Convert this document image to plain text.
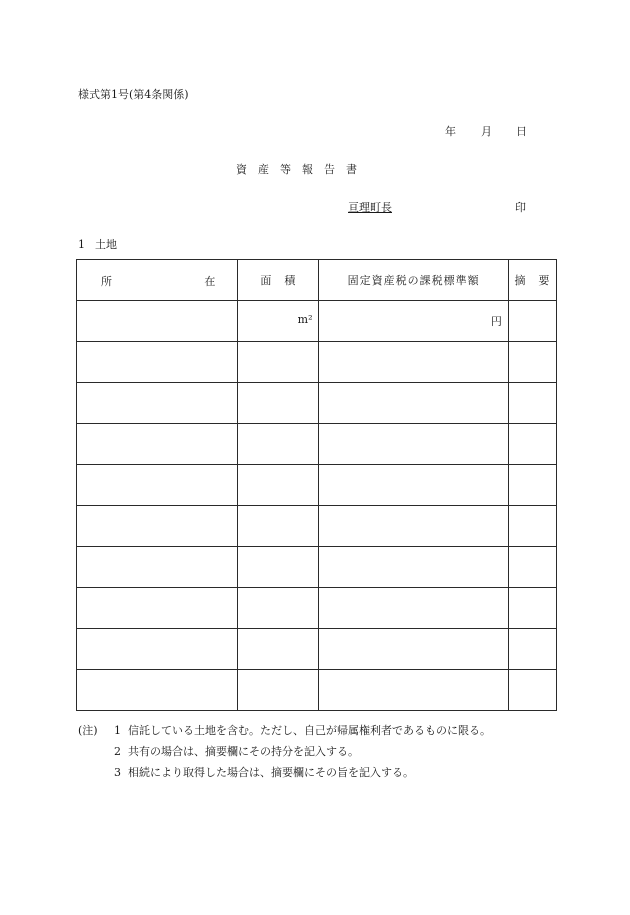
様式第1号(第4条関係)
年 月 日
資 産 等 報 告 書
亘理町長	印
1 土地
所 在	面　積	固定資産税の課税標準額	摘　要
	m²	円	

(注) 1 信託している土地を含む。ただし、自己が帰属権利者であるものに限る。
2 共有の場合は、摘要欄にその持分を記入する。
3 相続により取得した場合は、摘要欄にその旨を記入する。
